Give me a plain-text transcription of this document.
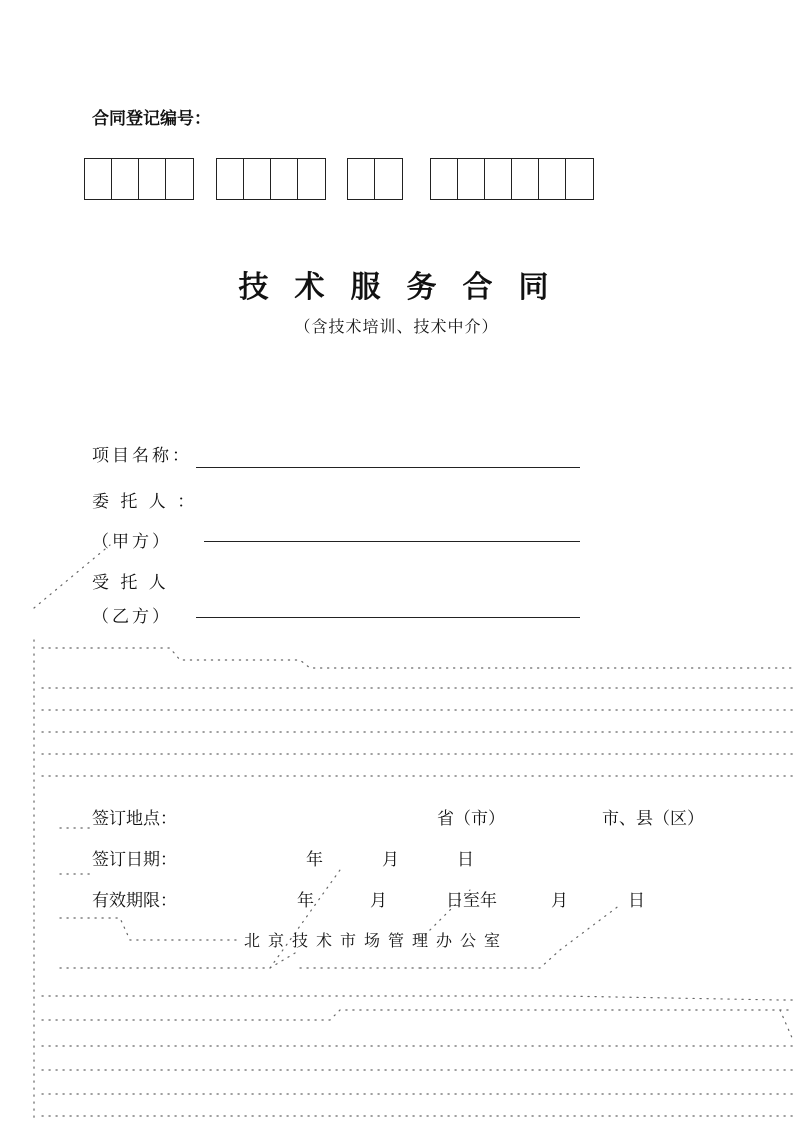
合同登记编号：
技术服务合同
（含技术培训、技术中介）
项目名称：
委 托 人 ：
（甲方）
受 托 人
（乙方）
签订地点：	省（市）	市、县（区）
签订日期：	年	月	日
有效期限：	年	月	日至年	月	日
北京技术市场管理办公室
